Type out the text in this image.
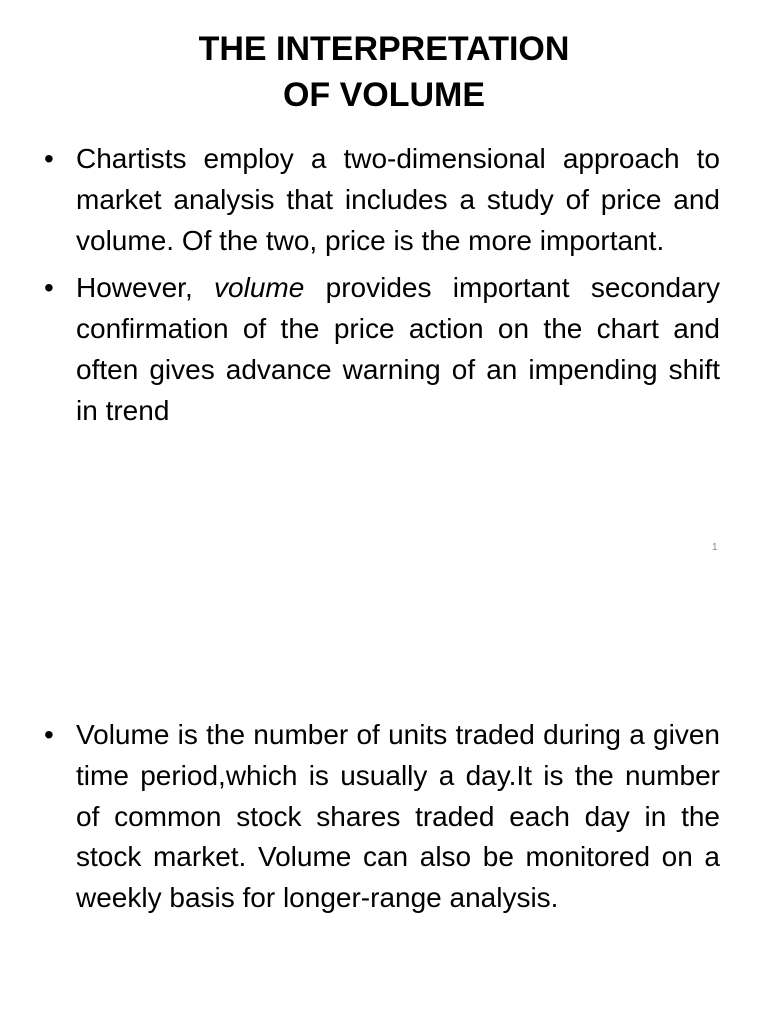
THE INTERPRETATION
OF VOLUME
• Chartists employ a two-dimensional approach to market analysis that includes a study of price and volume. Of the two, price is the more important.
• However, volume provides important secondary confirmation of the price action on the chart and often gives advance warning of an impending shift in trend
1
• Volume is the number of units traded during a given time period,which is usually a day.It is the number of common stock shares traded each day in the stock market. Volume can also be monitored on a weekly basis for longer-range analysis.
